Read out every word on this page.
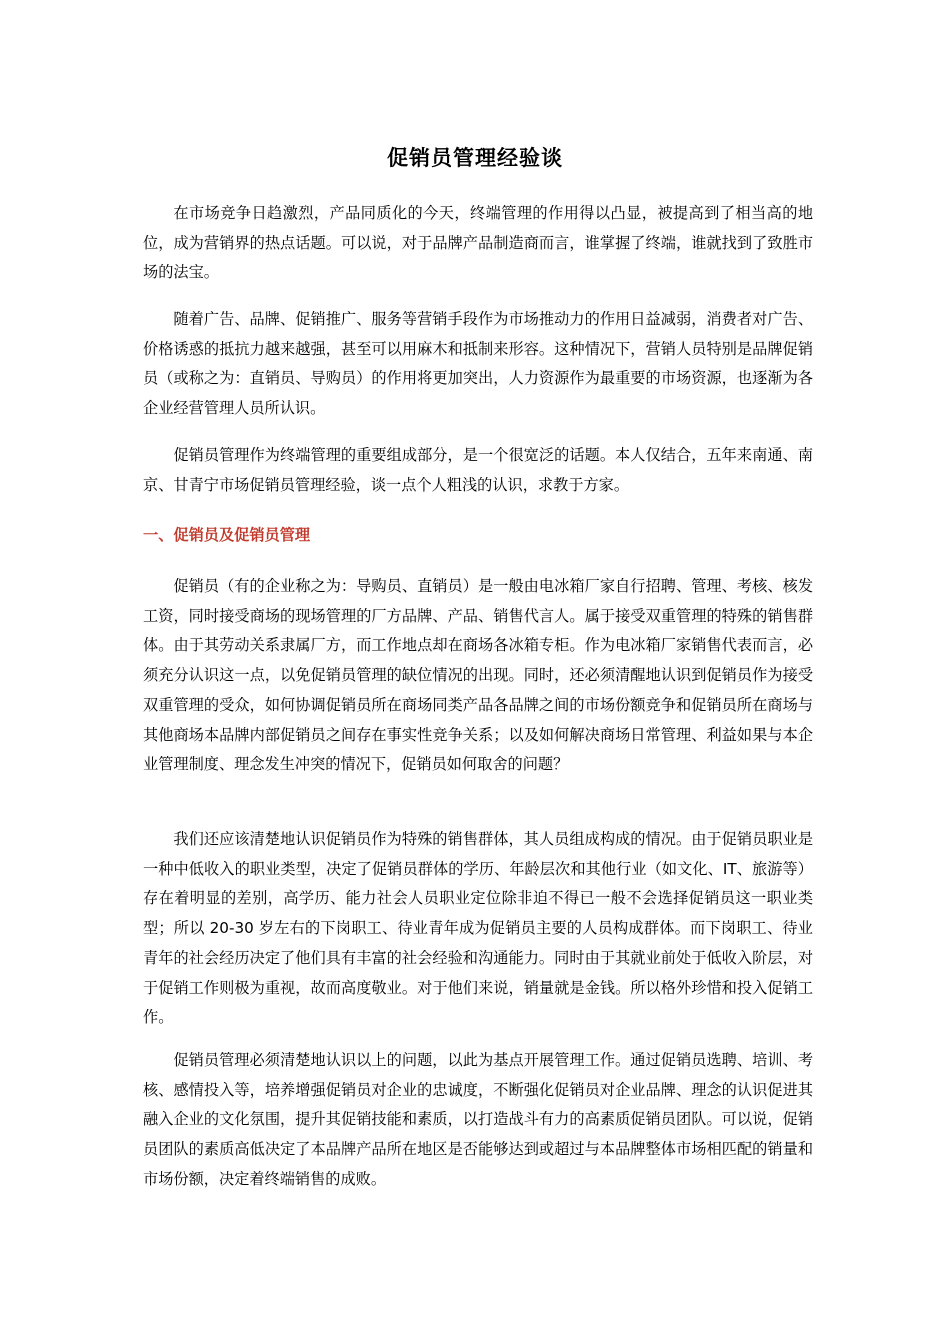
促销员管理经验谈

在市场竞争日趋激烈，产品同质化的今天，终端管理的作用得以凸显，被提高到了相当高的地位，成为营销界的热点话题。可以说，对于品牌产品制造商而言，谁掌握了终端，谁就找到了致胜市场的法宝。

随着广告、品牌、促销推广、服务等营销手段作为市场推动力的作用日益减弱，消费者对广告、价格诱惑的抵抗力越来越强，甚至可以用麻木和抵制来形容。这种情况下，营销人员特别是品牌促销员（或称之为：直销员、导购员）的作用将更加突出，人力资源作为最重要的市场资源，也逐渐为各企业经营管理人员所认识。

促销员管理作为终端管理的重要组成部分，是一个很宽泛的话题。本人仅结合，五年来南通、南京、甘青宁市场促销员管理经验，谈一点个人粗浅的认识，求教于方家。

一、促销员及促销员管理

促销员（有的企业称之为：导购员、直销员）是一般由电冰箱厂家自行招聘、管理、考核、核发工资，同时接受商场的现场管理的厂方品牌、产品、销售代言人。属于接受双重管理的特殊的销售群体。由于其劳动关系隶属厂方，而工作地点却在商场各冰箱专柜。作为电冰箱厂家销售代表而言，必须充分认识这一点，以免促销员管理的缺位情况的出现。同时，还必须清醒地认识到促销员作为接受双重管理的受众，如何协调促销员所在商场同类产品各品牌之间的市场份额竞争和促销员所在商场与其他商场本品牌内部促销员之间存在事实性竞争关系；以及如何解决商场日常管理、利益如果与本企业管理制度、理念发生冲突的情况下，促销员如何取舍的问题？

我们还应该清楚地认识促销员作为特殊的销售群体，其人员组成构成的情况。由于促销员职业是一种中低收入的职业类型，决定了促销员群体的学历、年龄层次和其他行业（如文化、IT、旅游等）存在着明显的差别，高学历、能力社会人员职业定位除非迫不得已一般不会选择促销员这一职业类型；所以 20-30 岁左右的下岗职工、待业青年成为促销员主要的人员构成群体。而下岗职工、待业青年的社会经历决定了他们具有丰富的社会经验和沟通能力。同时由于其就业前处于低收入阶层，对于促销工作则极为重视，故而高度敬业。对于他们来说，销量就是金钱。所以格外珍惜和投入促销工作。

促销员管理必须清楚地认识以上的问题，以此为基点开展管理工作。通过促销员选聘、培训、考核、感情投入等，培养增强促销员对企业的忠诚度，不断强化促销员对企业品牌、理念的认识促进其融入企业的文化氛围，提升其促销技能和素质，以打造战斗有力的高素质促销员团队。可以说，促销员团队的素质高低决定了本品牌产品所在地区是否能够达到或超过与本品牌整体市场相匹配的销量和市场份额，决定着终端销售的成败。
